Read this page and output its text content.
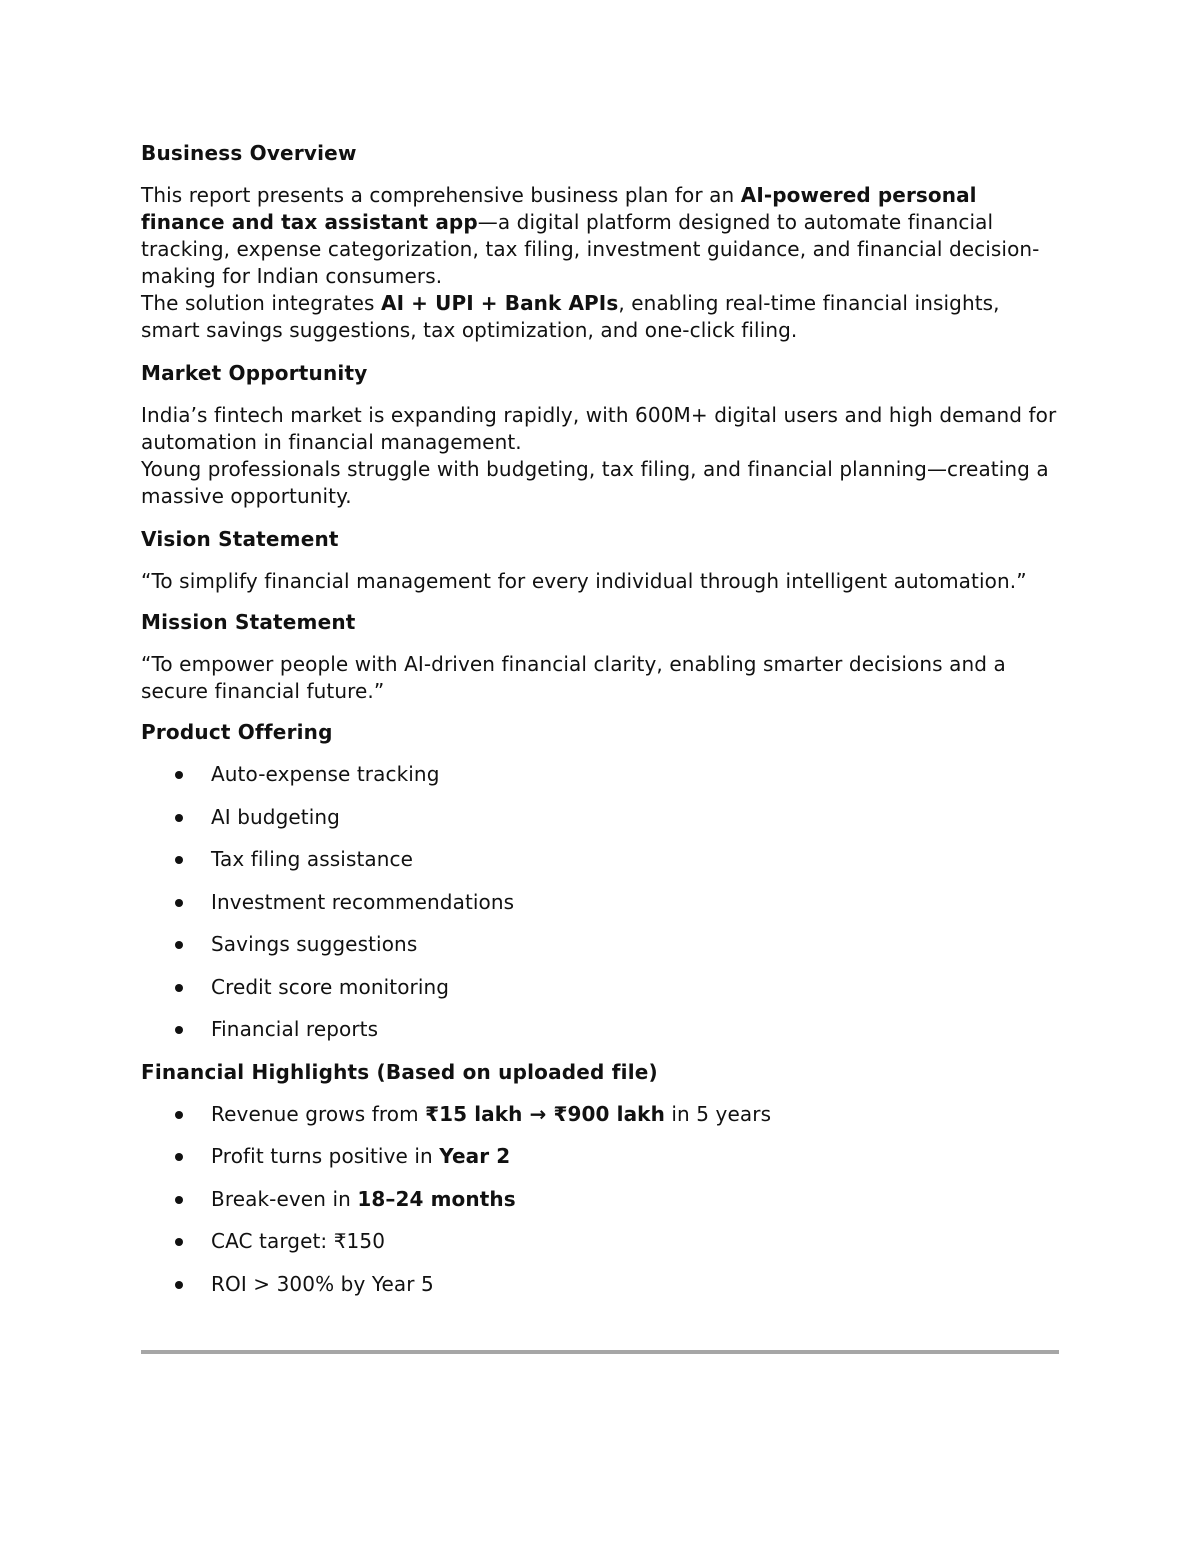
Business Overview

This report presents a comprehensive business plan for an AI-powered personal finance and tax assistant app—a digital platform designed to automate financial tracking, expense categorization, tax filing, investment guidance, and financial decision-making for Indian consumers.

The solution integrates AI + UPI + Bank APIs, enabling real-time financial insights, smart savings suggestions, tax optimization, and one-click filing.

Market Opportunity

India’s fintech market is expanding rapidly, with 600M+ digital users and high demand for automation in financial management.

Young professionals struggle with budgeting, tax filing, and financial planning—creating a massive opportunity.

Vision Statement

“To simplify financial management for every individual through intelligent automation.”

Mission Statement

“To empower people with AI-driven financial clarity, enabling smarter decisions and a secure financial future.”

Product Offering
Auto-expense tracking
AI budgeting
Tax filing assistance
Investment recommendations
Savings suggestions
Credit score monitoring
Financial reports
Financial Highlights (Based on uploaded file)
Revenue grows from ₹15 lakh → ₹900 lakh in 5 years
Profit turns positive in Year 2
Break-even in 18–24 months
CAC target: ₹150
ROI > 300% by Year 5
